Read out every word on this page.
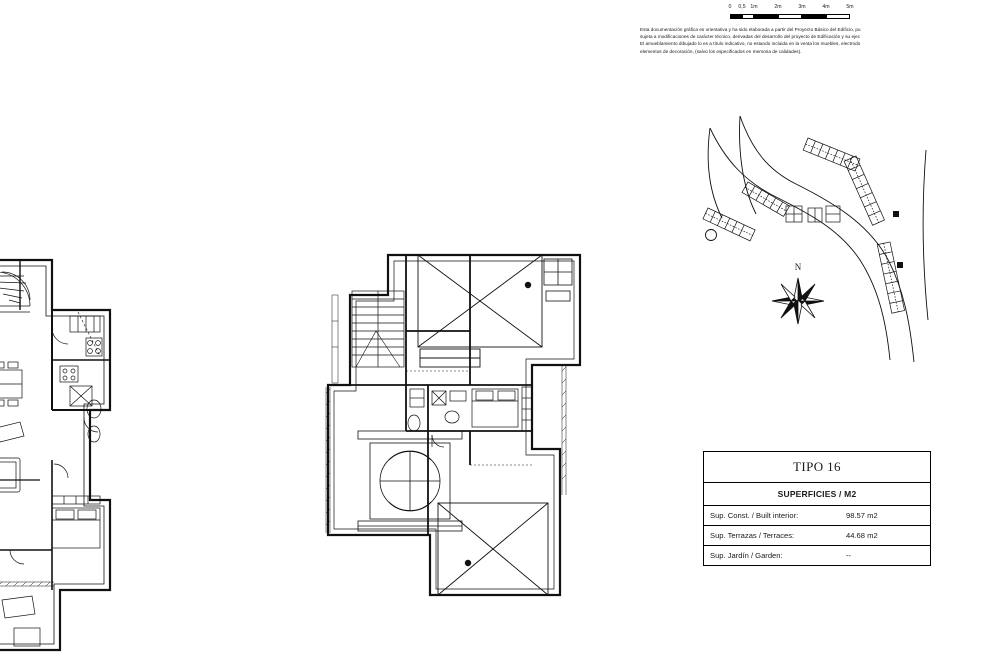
0 0,5 1m	2m	3m	4m	5m
Esta documentación gráfica es orientativa y ha sido elaborada a partir del Proyecto Básico del Edificio, pu
sujeta a modificaciones de carácter técnico, derivadas del desarrollo del proyecto de Edificación y su ejec
El amueblamiento dibujado lo es a título indicativo, no estando incluida en la venta los muebles, electrodo
elementos de decoración, (salvo los especificados en memoria de calidades).
N
TIPO 16
SUPERFICIES / M2
Sup. Const. / Built interior:	98.57 m2
Sup. Terrazas / Terraces:	44.68 m2
Sup. Jardín / Garden:	--
